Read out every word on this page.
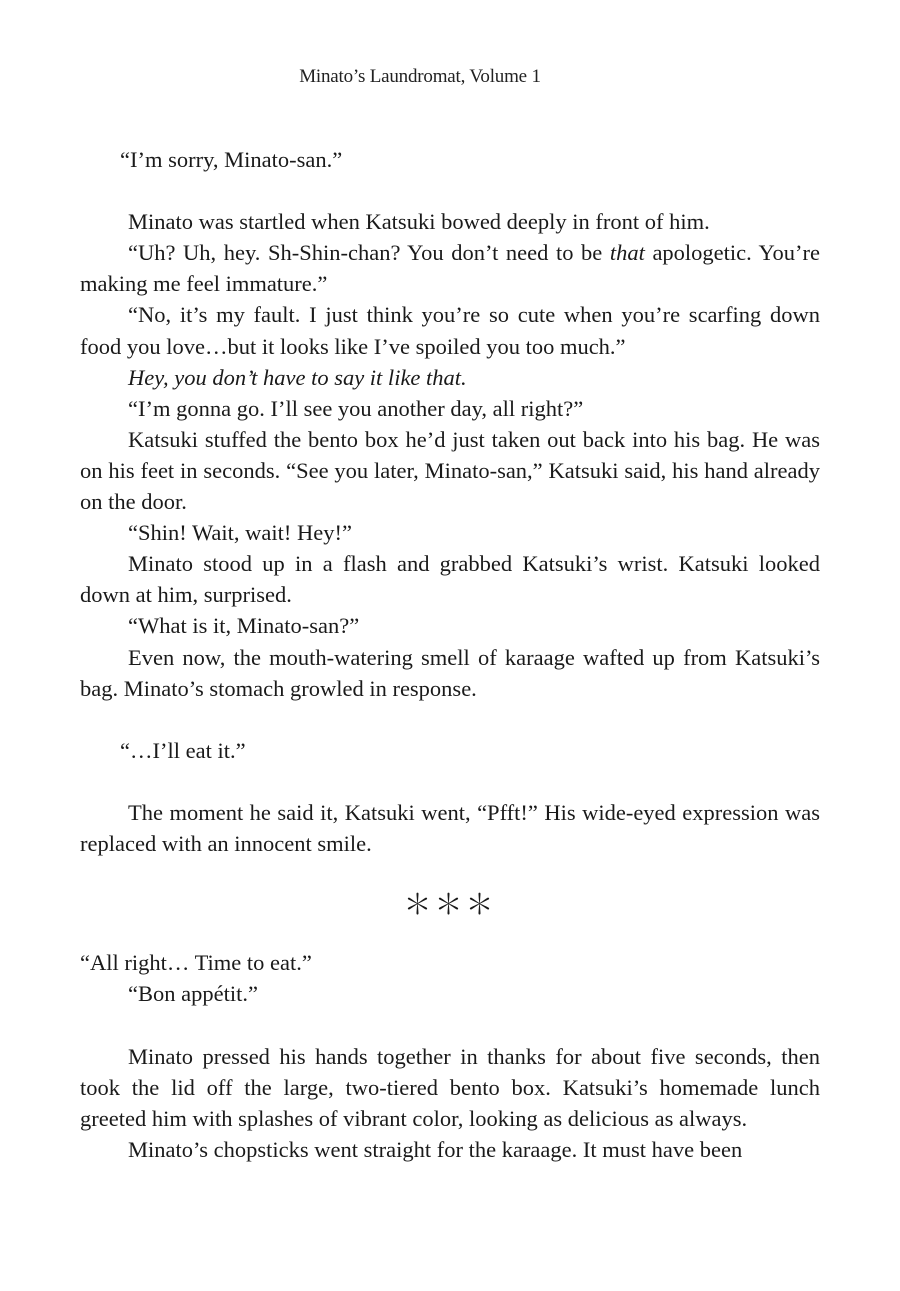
Minato’s Laundromat, Volume 1

“I’m sorry, Minato-san.”

Minato was startled when Katsuki bowed deeply in front of him.

“Uh? Uh, hey. Sh-Shin-chan? You don’t need to be that apologetic. You’re making me feel immature.”

“No, it’s my fault. I just think you’re so cute when you’re scarfing down food you love…but it looks like I’ve spoiled you too much.”

Hey, you don’t have to say it like that.

“I’m gonna go. I’ll see you another day, all right?”

Katsuki stuffed the bento box he’d just taken out back into his bag. He was on his feet in seconds. “See you later, Minato-san,” Katsuki said, his hand already on the door.

“Shin! Wait, wait! Hey!”

Minato stood up in a flash and grabbed Katsuki’s wrist. Katsuki looked down at him, surprised.

“What is it, Minato-san?”

Even now, the mouth-watering smell of karaage wafted up from Katsuki’s bag. Minato’s stomach growled in response.

“…I’ll eat it.”

The moment he said it, Katsuki went, “Pfft!” His wide-eyed expression was replaced with an innocent smile.

＊＊＊

“All right… Time to eat.”

“Bon appétit.”

Minato pressed his hands together in thanks for about five seconds, then took the lid off the large, two-tiered bento box. Katsuki’s homemade lunch greeted him with splashes of vibrant color, looking as delicious as always.

Minato’s chopsticks went straight for the karaage. It must have been
